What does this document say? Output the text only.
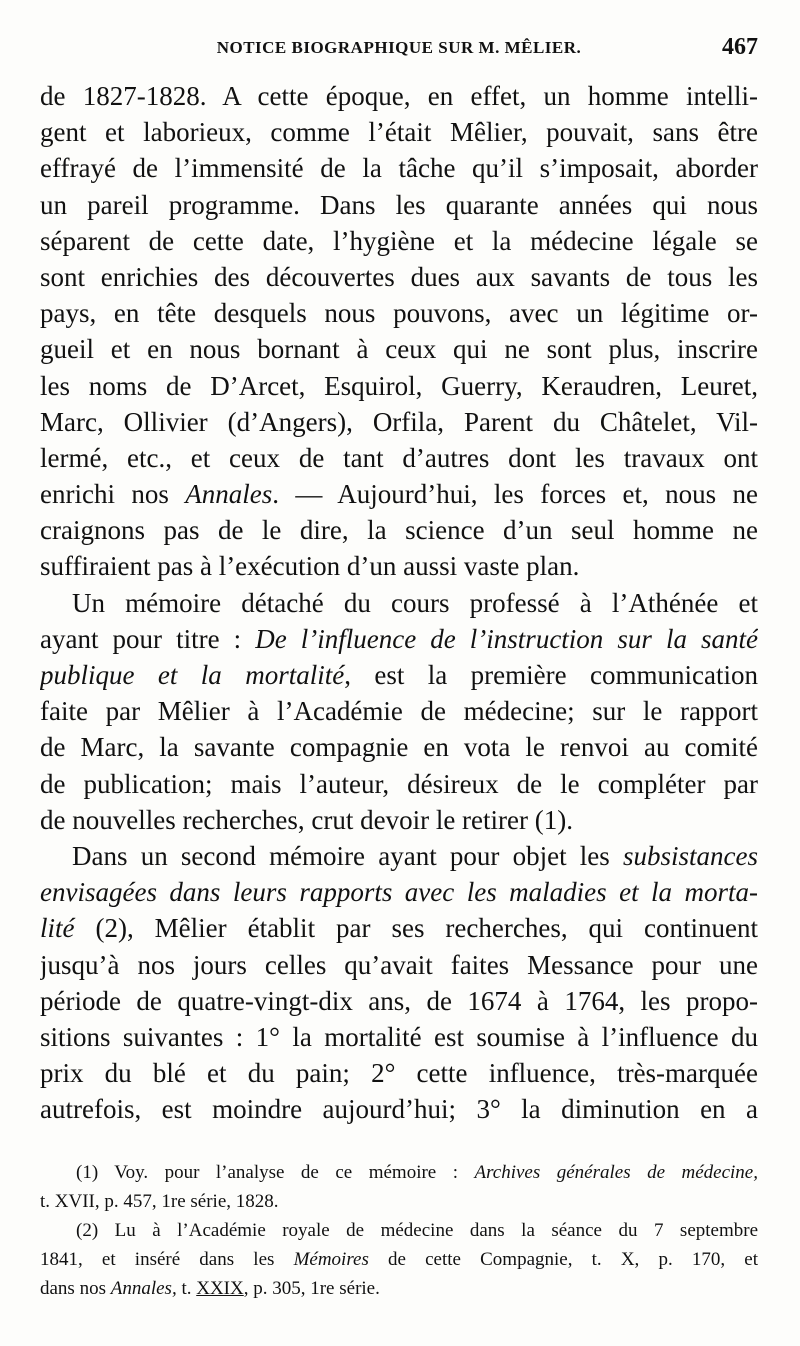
NOTICE BIOGRAPHIQUE SUR M. MÊLIER.	467
de 1827-1828. A cette époque, en effet, un homme intelli-
gent et laborieux, comme l’était Mêlier, pouvait, sans être
effrayé de l’immensité de la tâche qu’il s’imposait, aborder
un pareil programme. Dans les quarante années qui nous
séparent de cette date, l’hygiène et la médecine légale se
sont enrichies des découvertes dues aux savants de tous les
pays, en tête desquels nous pouvons, avec un légitime or-
gueil et en nous bornant à ceux qui ne sont plus, inscrire
les noms de D’Arcet, Esquirol, Guerry, Keraudren, Leuret,
Marc, Ollivier (d’Angers), Orfila, Parent du Châtelet, Vil-
lermé, etc., et ceux de tant d’autres dont les travaux ont
enrichi nos Annales. — Aujourd’hui, les forces et, nous ne
craignons pas de le dire, la science d’un seul homme ne
suffiraient pas à l’exécution d’un aussi vaste plan.
Un mémoire détaché du cours professé à l’Athénée et
ayant pour titre : De l’influence de l’instruction sur la santé
publique et la mortalité, est la première communication
faite par Mêlier à l’Académie de médecine; sur le rapport
de Marc, la savante compagnie en vota le renvoi au comité
de publication; mais l’auteur, désireux de le compléter par
de nouvelles recherches, crut devoir le retirer (1).
Dans un second mémoire ayant pour objet les subsistances
envisagées dans leurs rapports avec les maladies et la morta-
lité (2), Mêlier établit par ses recherches, qui continuent
jusqu’à nos jours celles qu’avait faites Messance pour une
période de quatre-vingt-dix ans, de 1674 à 1764, les propo-
sitions suivantes : 1° la mortalité est soumise à l’influence du
prix du blé et du pain; 2° cette influence, très-marquée
autrefois, est moindre aujourd’hui; 3° la diminution en a
(1) Voy. pour l’analyse de ce mémoire : Archives générales de médecine,
t. XVII, p. 457, 1re série, 1828.
(2) Lu à l’Académie royale de médecine dans la séance du 7 septembre
1841, et inséré dans les Mémoires de cette Compagnie, t. X, p. 170, et
dans nos Annales, t. XXIX, p. 305, 1re série.
